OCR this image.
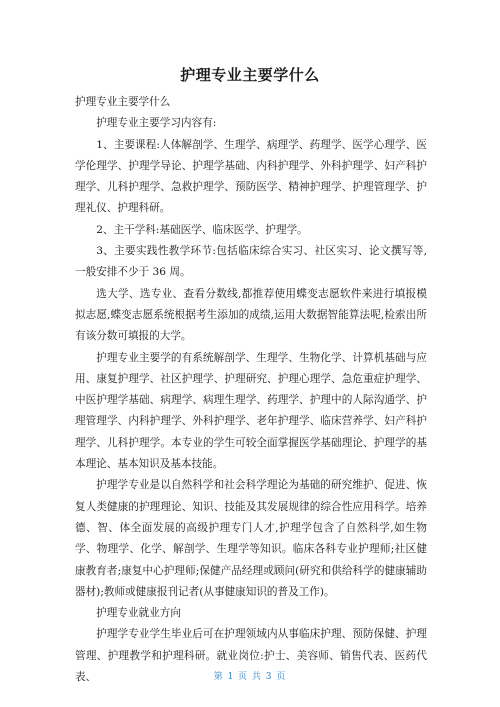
护理专业主要学什么

护理专业主要学什么

护理专业主要学习内容有:

1、主要课程:人体解剖学、生理学、病理学、药理学、医学心理学、医学伦理学、护理学导论、护理学基础、内科护理学、外科护理学、妇产科护理学、儿科护理学、急救护理学、预防医学、精神护理学、护理管理学、护理礼仪、护理科研。

2、主干学科:基础医学、临床医学、护理学。

3、主要实践性教学环节:包括临床综合实习、社区实习、论文撰写等,一般安排不少于 36 周。

选大学、选专业、查看分数线,都推荐使用蝶变志愿软件来进行填报模拟志愿,蝶变志愿系统根据考生添加的成绩,运用大数据智能算法呢,检索出所有该分数可填报的大学。

护理专业主要学的有系统解剖学、生理学、生物化学、计算机基础与应用、康复护理学、社区护理学、护理研究、护理心理学、急危重症护理学、中医护理学基础、病理学、病理生理学、药理学、护理中的人际沟通学、护理管理学、内科护理学、外科护理学、老年护理学、临床营养学、妇产科护理学、儿科护理学。本专业的学生可较全面掌握医学基础理论、护理学的基本理论、基本知识及基本技能。

护理学专业是以自然科学和社会科学理论为基础的研究维护、促进、恢复人类健康的护理理论、知识、技能及其发展规律的综合性应用科学。培养德、智、体全面发展的高级护理专门人才,护理学包含了自然科学,如生物学、物理学、化学、解剖学、生理学等知识。临床各科专业护理师;社区健康教育者;康复中心护理师;保健产品经理或顾问(研究和供给科学的健康辅助器材);教师或健康报刊记者(从事健康知识的普及工作)。

护理专业就业方向

护理学专业学生毕业后可在护理领域内从事临床护理、预防保健、护理管理、护理教学和护理科研。就业岗位:护士、美容师、销售代表、医药代表、	第 1 页 共 3 页
